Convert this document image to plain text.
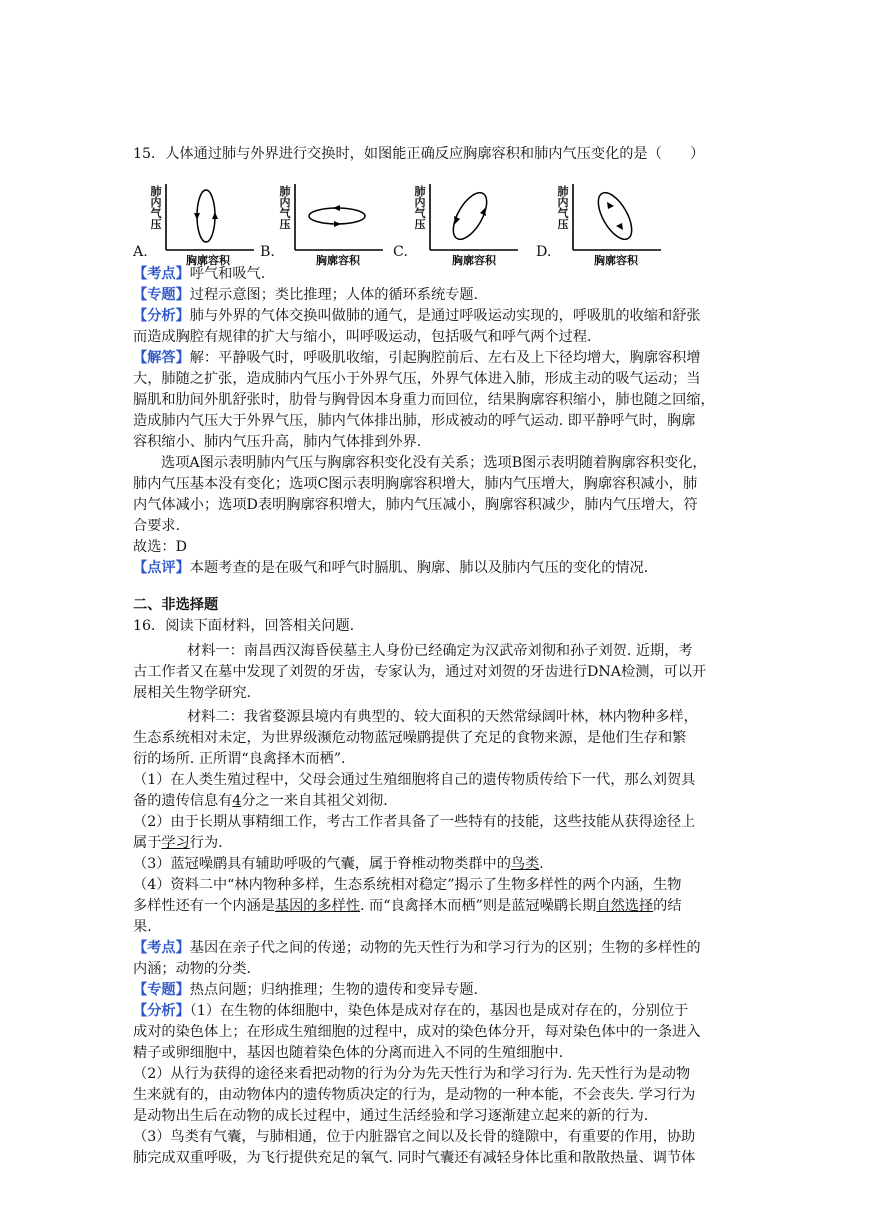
15．人体通过肺与外界进行交换时，如图能正确反应胸廓容积和肺内气压变化的是（　　）
肺内气压
胸廓容积
肺内气压
胸廓容积
肺内气压
胸廓容积
肺内气压
胸廓容积
A.	B.	C.	D.
【考点】呼气和吸气.
【专题】过程示意图；类比推理；人体的循环系统专题.
【分析】肺与外界的气体交换叫做肺的通气，是通过呼吸运动实现的，呼吸肌的收缩和舒张
而造成胸腔有规律的扩大与缩小，叫呼吸运动，包括吸气和呼气两个过程.
【解答】解：平静吸气时，呼吸肌收缩，引起胸腔前后、左右及上下径均增大，胸廓容积增
大，肺随之扩张，造成肺内气压小于外界气压，外界气体进入肺，形成主动的吸气运动；当
膈肌和肋间外肌舒张时，肋骨与胸骨因本身重力而回位，结果胸廓容积缩小，肺也随之回缩，
造成肺内气压大于外界气压，肺内气体排出肺，形成被动的呼气运动. 即平静呼气时，胸廓
容积缩小、肺内气压升高，肺内气体排到外界.
选项A图示表明肺内气压与胸廓容积变化没有关系；选项B图示表明随着胸廓容积变化，
肺内气压基本没有变化；选项C图示表明胸廓容积增大，肺内气压增大，胸廓容积减小，肺
内气体减小；选项D表明胸廓容积增大，肺内气压减小，胸廓容积减少，肺内气压增大，符
合要求.
故选：D
【点评】本题考查的是在吸气和呼气时膈肌、胸廓、肺以及肺内气压的变化的情况.
二、非选择题
16．阅读下面材料，回答相关问题.
材料一：南昌西汉海昏侯墓主人身份已经确定为汉武帝刘彻和孙子刘贺. 近期，考
古工作者又在墓中发现了刘贺的牙齿，专家认为，通过对刘贺的牙齿进行DNA检测，可以开
展相关生物学研究.
材料二：我省婺源县境内有典型的、较大面积的天然常绿阔叶林，林内物种多样，
生态系统相对未定，为世界级濒危动物蓝冠噪鹛提供了充足的食物来源，是他们生存和繁
衍的场所. 正所谓“良禽择木而栖”.
（1）在人类生殖过程中，父母会通过生殖细胞将自己的遗传物质传给下一代，那么刘贺具
备的遗传信息有4分之一来自其祖父刘彻.
（2）由于长期从事精细工作，考古工作者具备了一些特有的技能，这些技能从获得途径上
属于学习行为.
（3）蓝冠噪鹛具有辅助呼吸的气囊，属于脊椎动物类群中的鸟类.
（4）资料二中“林内物种多样，生态系统相对稳定”揭示了生物多样性的两个内涵，生物
多样性还有一个内涵是基因的多样性. 而“良禽择木而栖”则是蓝冠噪鹛长期自然选择的结
果.
【考点】基因在亲子代之间的传递；动物的先天性行为和学习行为的区别；生物的多样性的
内涵；动物的分类.
【专题】热点问题；归纳推理；生物的遗传和变异专题.
【分析】（1）在生物的体细胞中，染色体是成对存在的，基因也是成对存在的，分别位于
成对的染色体上；在形成生殖细胞的过程中，成对的染色体分开，每对染色体中的一条进入
精子或卵细胞中，基因也随着染色体的分离而进入不同的生殖细胞中.
（2）从行为获得的途径来看把动物的行为分为先天性行为和学习行为. 先天性行为是动物
生来就有的，由动物体内的遗传物质决定的行为，是动物的一种本能，不会丧失. 学习行为
是动物出生后在动物的成长过程中，通过生活经验和学习逐渐建立起来的新的行为.
（3）鸟类有气囊，与肺相通，位于内脏器官之间以及长骨的缝隙中，有重要的作用，协助
肺完成双重呼吸，为飞行提供充足的氧气. 同时气囊还有减轻身体比重和散散热量、调节体
